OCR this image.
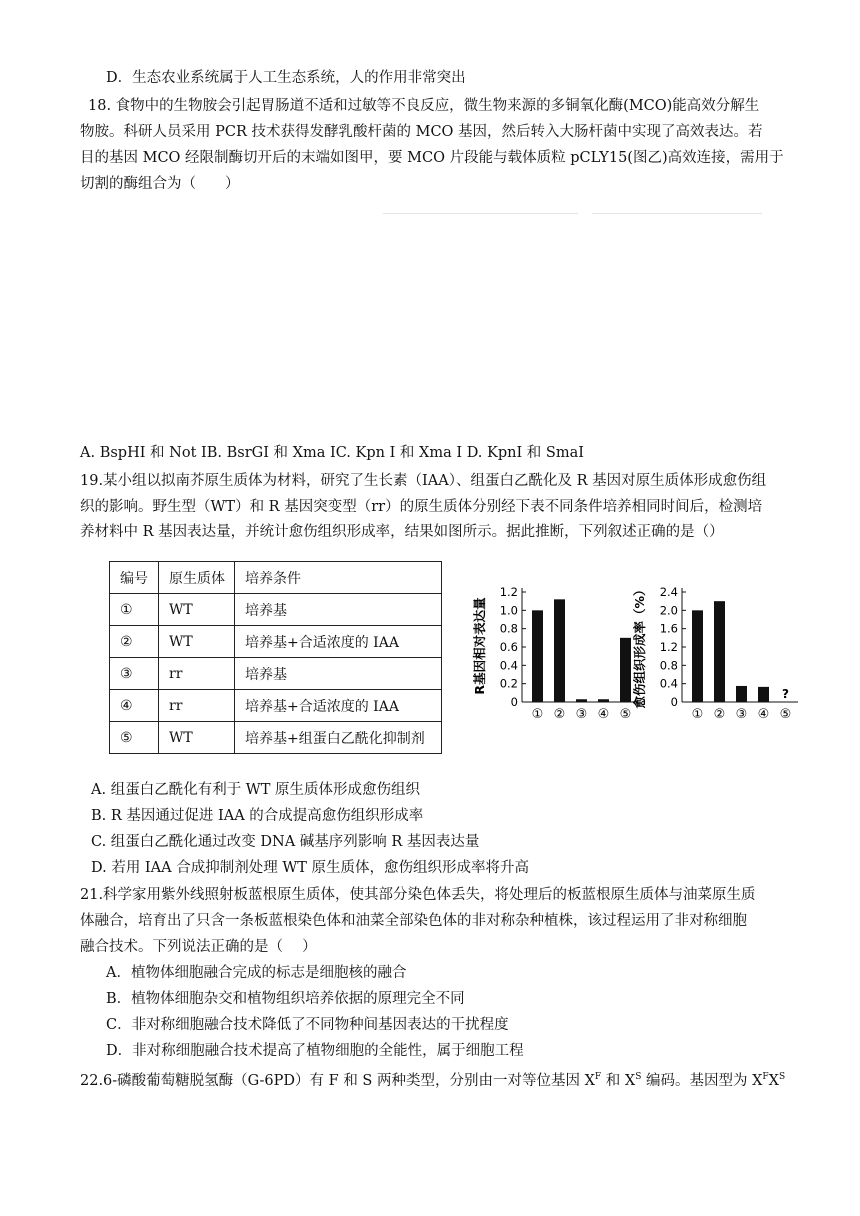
D．生态农业系统属于人工生态系统，人的作用非常突出
18. 食物中的生物胺会引起胃肠道不适和过敏等不良反应，微生物来源的多铜氧化酶(MCO)能高效分解生
物胺。科研人员采用 PCR 技术获得发酵乳酸杆菌的 MCO 基因，然后转入大肠杆菌中实现了高效表达。若
目的基因 MCO 经限制酶切开后的末端如图甲，要 MCO 片段能与载体质粒 pCLY15(图乙)高效连接，需用于
切割的酶组合为（　　）
A. BspHI 和 Not IB. BsrGI 和 Xma IC. Kpn I 和 Xma I D. KpnI 和 SmaI
19.某小组以拟南芥原生质体为材料，研究了生长素（IAA）、组蛋白乙酰化及 R 基因对原生质体形成愈伤组
织的影响。野生型（WT）和 R 基因突变型（rr）的原生质体分别经下表不同条件培养相同时间后，检测培
养材料中 R 基因表达量，并统计愈伤组织形成率，结果如图所示。据此推断，下列叙述正确的是（）
编号	原生质体	培养条件
①	WT	培养基
②	WT	培养基+合适浓度的 IAA
③	rr	培养基
④	rr	培养基+合适浓度的 IAA
⑤	WT	培养基+组蛋白乙酰化抑制剂
R基因相对表达量
0
0.2
0.4
0.6
0.8
1.0
1.2
① ② ③ ④ ⑤
愈伤组织形成率（%） 0
0.4
0.8
1.2
1.6
2.0
2.4
① ② ③ ④ ⑤
?
A. 组蛋白乙酰化有利于 WT 原生质体形成愈伤组织
B. R 基因通过促进 IAA 的合成提高愈伤组织形成率
C. 组蛋白乙酰化通过改变 DNA 碱基序列影响 R 基因表达量
D. 若用 IAA 合成抑制剂处理 WT 原生质体，愈伤组织形成率将升高
21.科学家用紫外线照射板蓝根原生质体，使其部分染色体丢失，将处理后的板蓝根原生质体与油菜原生质
体融合，培育出了只含一条板蓝根染色体和油菜全部染色体的非对称杂种植株，该过程运用了非对称细胞
融合技术。下列说法正确的是（　 ）
A．植物体细胞融合完成的标志是细胞核的融合
B．植物体细胞杂交和植物组织培养依据的原理完全不同
C．非对称细胞融合技术降低了不同物种间基因表达的干扰程度
D．非对称细胞融合技术提高了植物细胞的全能性，属于细胞工程
22.6-磷酸葡萄糖脱氢酶（G-6PD）有 F 和 S 两种类型，分别由一对等位基因 $X^F$ 和 $X^S$ 编码。基因型为 $X^FX^S$
